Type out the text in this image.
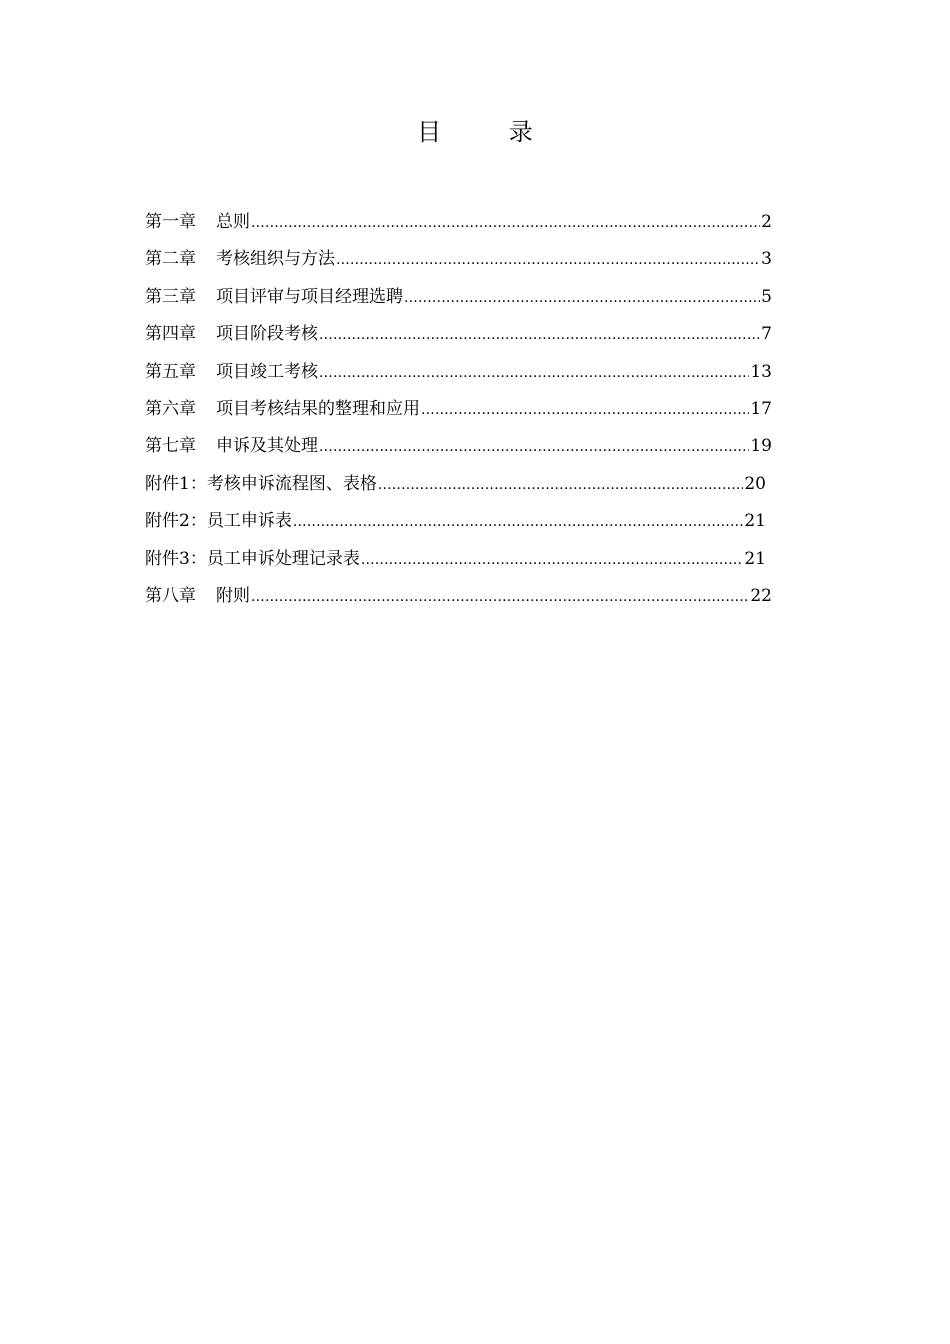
目 录
第一章 总则 .....	2
第二章 考核组织与方法 .....	3
第三章 项目评审与项目经理选聘 .....	5
第四章 项目阶段考核 .....	7
第五章 项目竣工考核 .....	13
第六章 项目考核结果的整理和应用 .....	17
第七章 申诉及其处理 .....	19
附件1： 考核申诉流程图、表格 .....	20
附件2： 员工申诉表 .....	21
附件3： 员工申诉处理记录表 .....	21
第八章 附则 .....	22
